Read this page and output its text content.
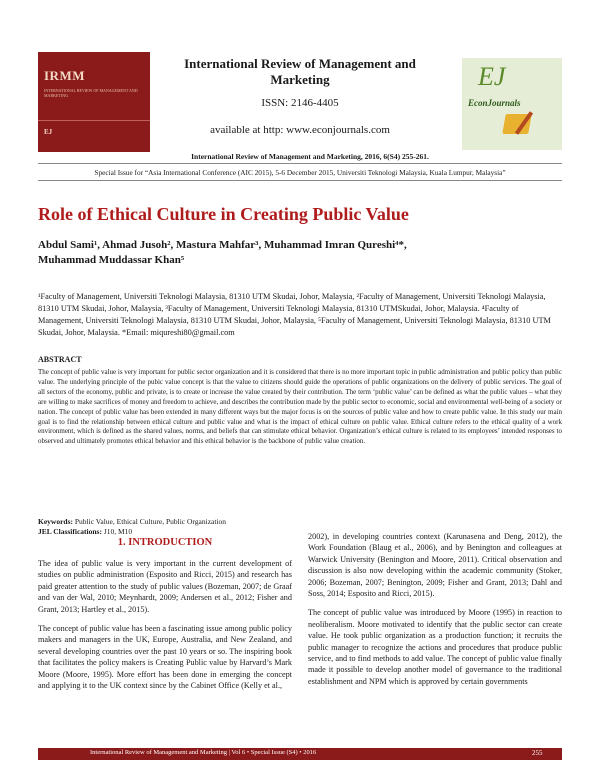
IRMM
INTERNATIONAL REVIEW OF MANAGEMENT AND MARKETING
EJ
International Review of Management and Marketing
ISSN: 2146-4405
available at http: www.econjournals.com
International Review of Management and Marketing, 2016, 6(S4) 255-261.
EJ
EconJournals
Special Issue for “Asia International Conference (AIC 2015), 5-6 December 2015, Universiti Teknologi Malaysia, Kuala Lumpur, Malaysia”
Role of Ethical Culture in Creating Public Value
Abdul Sami¹, Ahmad Jusoh², Mastura Mahfar³, Muhammad Imran Qureshi⁴*,
Muhammad Muddassar Khan⁵
¹Faculty of Management, Universiti Teknologi Malaysia, 81310 UTM Skudai, Johor, Malaysia, ²Faculty of Management, Universiti Teknologi Malaysia, 81310 UTM Skudai, Johor, Malaysia, ³Faculty of Management, Universiti Teknologi Malaysia, 81310 UTMSkudai, Johor, Malaysia. ⁴Faculty of Management, Universiti Teknologi Malaysia, 81310 UTM Skudai, Johor, Malaysia, ⁵Faculty of Management, Universiti Teknologi Malaysia, 81310 UTM Skudai, Johor, Malaysia. *Email: miqureshi80@gmail.com
ABSTRACT
The concept of public value is very important for public sector organization and it is considered that there is no more important topic in public administration and public policy than public value. The underlying principle of the pubic value concept is that the value to citizens should guide the operations of public organizations on the delivery of public services. The goal of all sectors of the economy, public and private, is to create or increase the value created by their contribution. The term ‘public value’ can be defined as what the public values – what they are willing to make sacrifices of money and freedom to achieve, and describes the contribution made by the public sector to economic, social and environmental well-being of a society or nation. The concept of public value has been extended in many different ways but the major focus is on the sources of public value and how to create public value. In this study our main goal is to find the relationship between ethical culture and public value and what is the impact of ethical culture on public value. Ethical culture refers to the ethical quality of a work environment, which is defined as the shared values, norms, and beliefs that can stimulate ethical behavior. Organization’s ethical culture is related to its employees’ intended responses to observed and ultimately promotes ethical behavior and this ethical behavior is the backbone of public value creation.
Keywords: Public Value, Ethical Culture, Public Organization
JEL Classifications: J10, M10
1. INTRODUCTION

The idea of public value is very important in the current development of studies on public administration (Esposito and Ricci, 2015) and research has paid greater attention to the study of public values (Bozeman, 2007; de Graaf and van der Wal, 2010; Meynhardt, 2009; Andersen et al., 2012; Fisher and Grant, 2013; Hartley et al., 2015).

The concept of public value has been a fascinating issue among public policy makers and managers in the UK, Europe, Australia, and New Zealand, and several developing countries over the past 10 years or so. The inspiring book that facilitates the policy makers is Creating Public value by Harvard’s Mark Moore (Moore, 1995). More effort has been done in emerging the concept and applying it to the UK context since by the Cabinet Office (Kelly et al.,

2002), in developing countries context (Karunasena and Deng, 2012), the Work Foundation (Blaug et al., 2006), and by Benington and colleagues at Warwick University (Benington and Moore, 2011). Critical observation and discussion is also now developing within the academic community (Stoker, 2006; Bozeman, 2007; Benington, 2009; Fisher and Grant, 2013; Dahl and Soss, 2014; Esposito and Ricci, 2015).

The concept of public value was introduced by Moore (1995) in reaction to neoliberalism. Moore motivated to identify that the public sector can create value. He took public organization as a production function; it recruits the public manager to recognize the actions and procedures that produce public service, and to find methods to add value. The concept of public value finally made it possible to develop another model of governance to the traditional establishment and NPM which is approved by certain governments

International Review of Management and Marketing | Vol 6 • Special Issue (S4) • 2016	255
